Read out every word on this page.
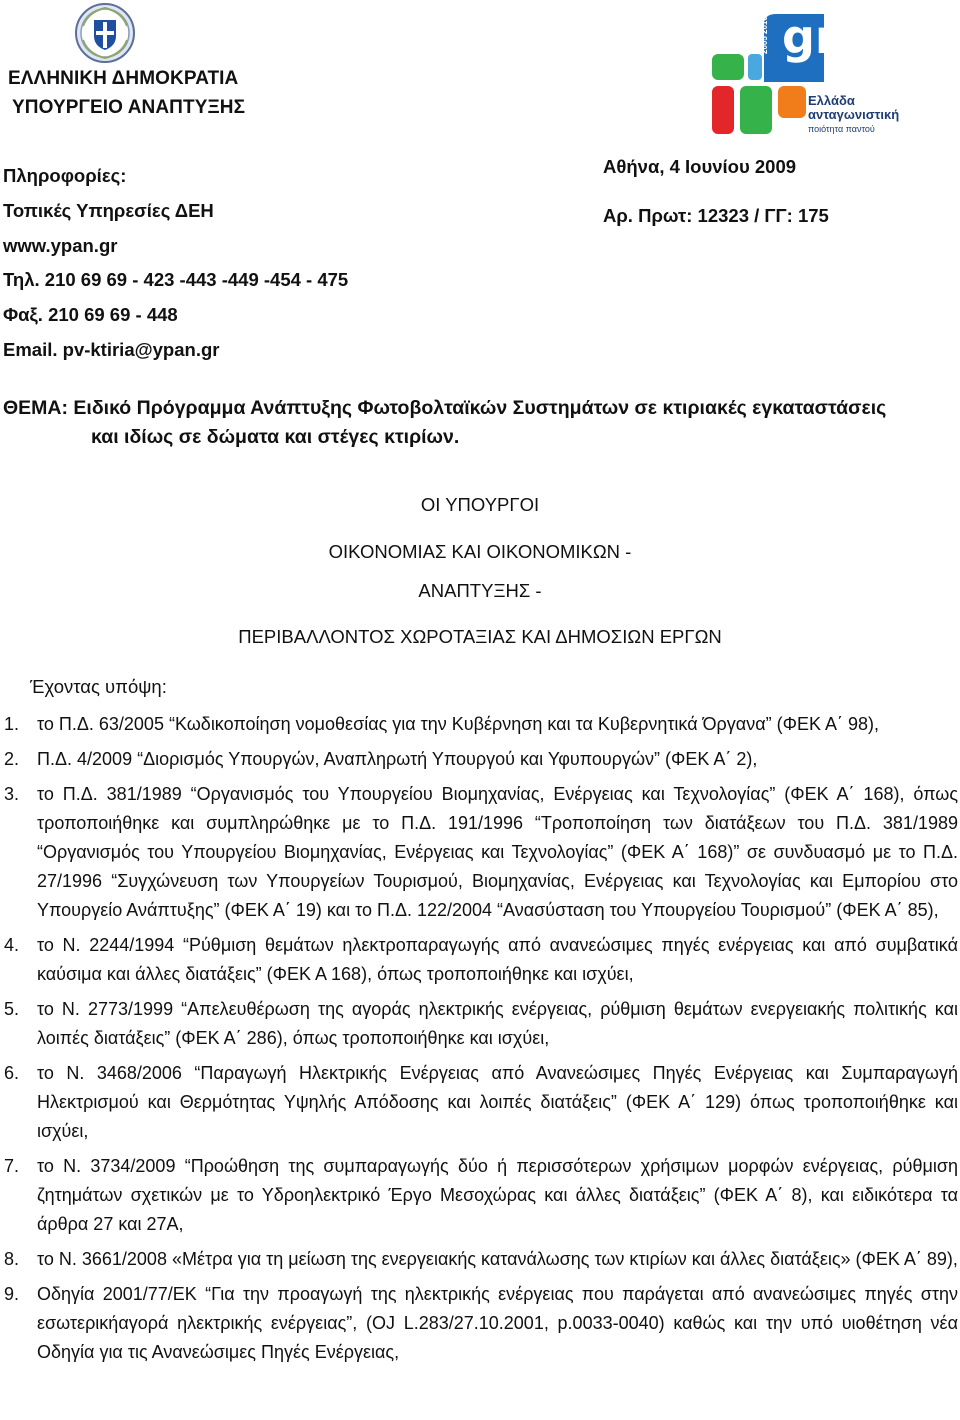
ΕΛΛΗΝΙΚΗ ΔΗΜΟΚΡΑΤΙΑ
ΥΠΟΥΡΓΕΙΟ ΑΝΑΠΤΥΞΗΣ
gr
2005 2010
Ελλάδα
ανταγωνιστική
ποιότητα παντού
Πληροφορίες:
Τοπικές Υπηρεσίες ΔΕΗ
www.ypan.gr
Τηλ. 210 69 69 - 423 -443 -449 -454 - 475
Φαξ. 210 69 69 - 448
Email. pv-ktiria@ypan.gr
Αθήνα, 4 Ιουνίου 2009
Αρ. Πρωτ: 12323 / ΓΓ: 175
ΘΕΜΑ: Ειδικό Πρόγραμμα Ανάπτυξης Φωτοβολταϊκών Συστημάτων σε κτιριακές εγκαταστάσεις
και ιδίως σε δώματα και στέγες κτιρίων.
ΟΙ ΥΠΟΥΡΓΟΙ
ΟΙΚΟΝΟΜΙΑΣ ΚΑΙ ΟΙΚΟΝΟΜΙΚΩΝ -
ΑΝΑΠΤΥΞΗΣ -
ΠΕΡΙΒΑΛΛΟΝΤΟΣ ΧΩΡΟΤΑΞΙΑΣ ΚΑΙ ΔΗΜΟΣΙΩΝ ΕΡΓΩΝ
Έχοντας υπόψη:
1. το Π.Δ. 63/2005 “Κωδικοποίηση νομοθεσίας για την Κυβέρνηση και τα Κυβερνητικά Όργανα” (ΦΕΚ Α΄ 98),
2. Π.Δ. 4/2009 “Διορισμός Υπουργών, Αναπληρωτή Υπουργού και Υφυπουργών” (ΦΕΚ Α΄ 2),
3. το Π.Δ. 381/1989 “Οργανισμός του Υπουργείου Βιομηχανίας, Ενέργειας και Τεχνολογίας” (ΦΕΚ Α΄ 168), όπως τροποποιήθηκε και συμπληρώθηκε με το Π.Δ. 191/1996 “Τροποποίηση των διατάξεων του Π.Δ. 381/1989 “Οργανισμός του Υπουργείου Βιομηχανίας, Ενέργειας και Τεχνολογίας” (ΦΕΚ Α΄ 168)” σε συνδυασμό με το Π.Δ. 27/1996 “Συγχώνευση των Υπουργείων Τουρισμού, Βιομηχανίας, Ενέργειας και Τεχνολογίας και Εμπορίου στο Υπουργείο Ανάπτυξης” (ΦΕΚ Α΄ 19) και το Π.Δ. 122/2004 “Ανασύσταση του Υπουργείου Τουρισμού” (ΦΕΚ Α΄ 85),
4. το Ν. 2244/1994 “Ρύθμιση θεμάτων ηλεκτροπαραγωγής από ανανεώσιμες πηγές ενέργειας και από συμβατικά καύσιμα και άλλες διατάξεις” (ΦΕΚ Α 168), όπως τροποποιήθηκε και ισχύει,
5. το Ν. 2773/1999 “Απελευθέρωση της αγοράς ηλεκτρικής ενέργειας, ρύθμιση θεμάτων ενεργειακής πολιτικής και λοιπές διατάξεις” (ΦΕΚ Α΄ 286), όπως τροποποιήθηκε και ισχύει,
6. το Ν. 3468/2006 “Παραγωγή Ηλεκτρικής Ενέργειας από Ανανεώσιμες Πηγές Ενέργειας και Συμπαραγωγή Ηλεκτρισμού και Θερμότητας Υψηλής Απόδοσης και λοιπές διατάξεις” (ΦΕΚ Α΄ 129) όπως τροποποιήθηκε και ισχύει,
7. το Ν. 3734/2009 “Προώθηση της συμπαραγωγής δύο ή περισσότερων χρήσιμων μορφών ενέργειας, ρύθμιση ζητημάτων σχετικών με το Υδροηλεκτρικό Έργο Μεσοχώρας και άλλες διατάξεις” (ΦΕΚ Α΄ 8), και ειδικότερα τα άρθρα 27 και 27Α,
8. το Ν. 3661/2008 «Μέτρα για τη μείωση της ενεργειακής κατανάλωσης των κτιρίων και άλλες διατάξεις» (ΦΕΚ Α΄ 89),
9. Οδηγία 2001/77/ΕΚ “Για την προαγωγή της ηλεκτρικής ενέργειας που παράγεται από ανανεώσιμες πηγές στην εσωτερικήαγορά ηλεκτρικής ενέργειας”, (OJ L.283/27.10.2001, p.0033-0040) καθώς και την υπό υιοθέτηση νέα Οδηγία για τις Ανανεώσιμες Πηγές Ενέργειας,
